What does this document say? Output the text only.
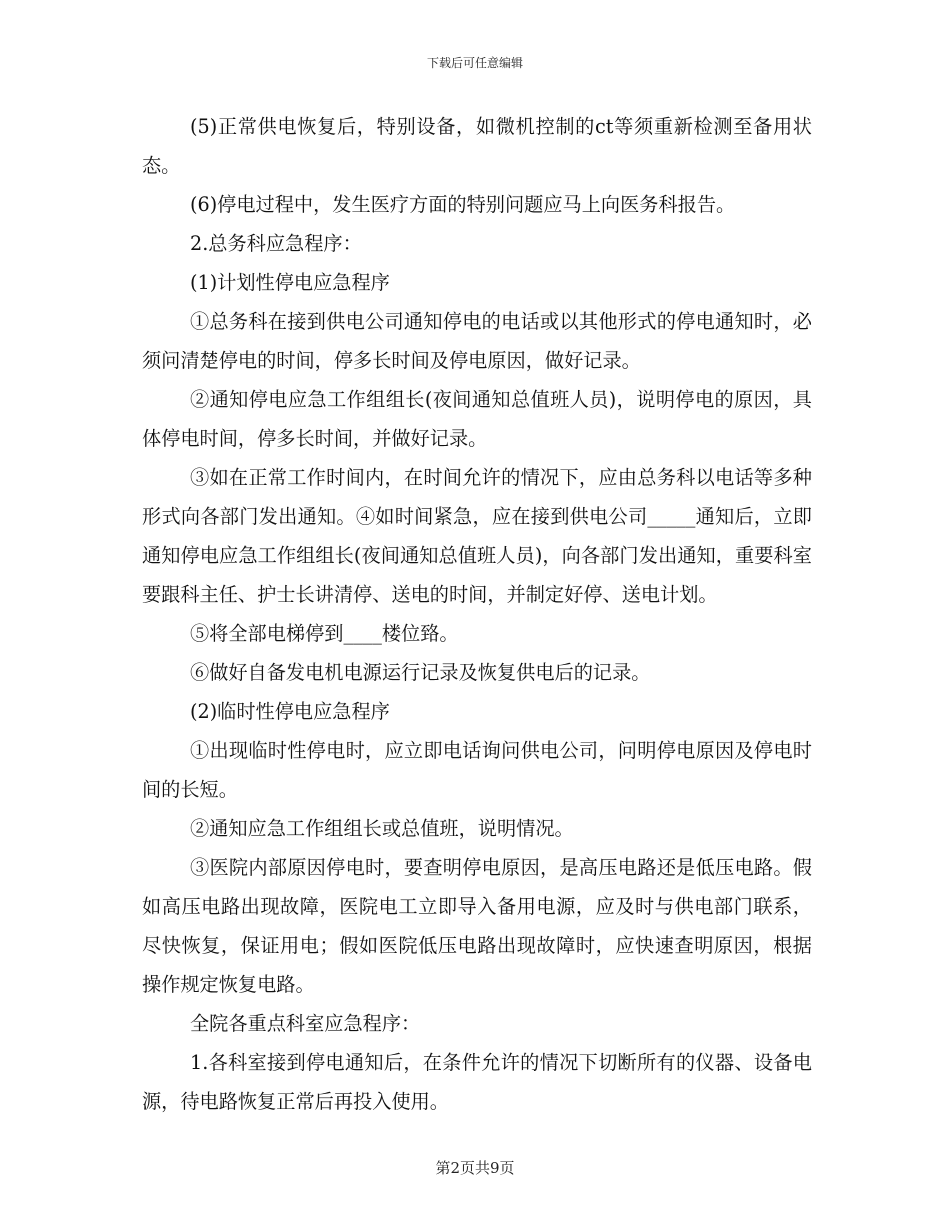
下载后可任意编辑

(5)正常供电恢复后，特别设备，如微机控制的ct等须重新检测至备用状态。

(6)停电过程中，发生医疗方面的特别问题应马上向医务科报告。

2.总务科应急程序：

(1)计划性停电应急程序

①总务科在接到供电公司通知停电的电话或以其他形式的停电通知时，必须问清楚停电的时间，停多长时间及停电原因，做好记录。

②通知停电应急工作组组长(夜间通知总值班人员)，说明停电的原因，具体停电时间，停多长时间，并做好记录。

③如在正常工作时间内，在时间允许的情况下，应由总务科以电话等多种形式向各部门发出通知。④如时间紧急，应在接到供电公司_____通知后，立即通知停电应急工作组组长(夜间通知总值班人员)，向各部门发出通知，重要科室要跟科主任、护士长讲清停、送电的时间，并制定好停、送电计划。

⑤将全部电梯停到____楼位臵。

⑥做好自备发电机电源运行记录及恢复供电后的记录。

(2)临时性停电应急程序

①出现临时性停电时，应立即电话询问供电公司，问明停电原因及停电时间的长短。

②通知应急工作组组长或总值班，说明情况。

③医院内部原因停电时，要查明停电原因，是高压电路还是低压电路。假如高压电路出现故障，医院电工立即导入备用电源，应及时与供电部门联系，尽快恢复，保证用电；假如医院低压电路出现故障时，应快速查明原因，根据操作规定恢复电路。

全院各重点科室应急程序：

1.各科室接到停电通知后，在条件允许的情况下切断所有的仪器、设备电源，待电路恢复正常后再投入使用。

第2页共9页
